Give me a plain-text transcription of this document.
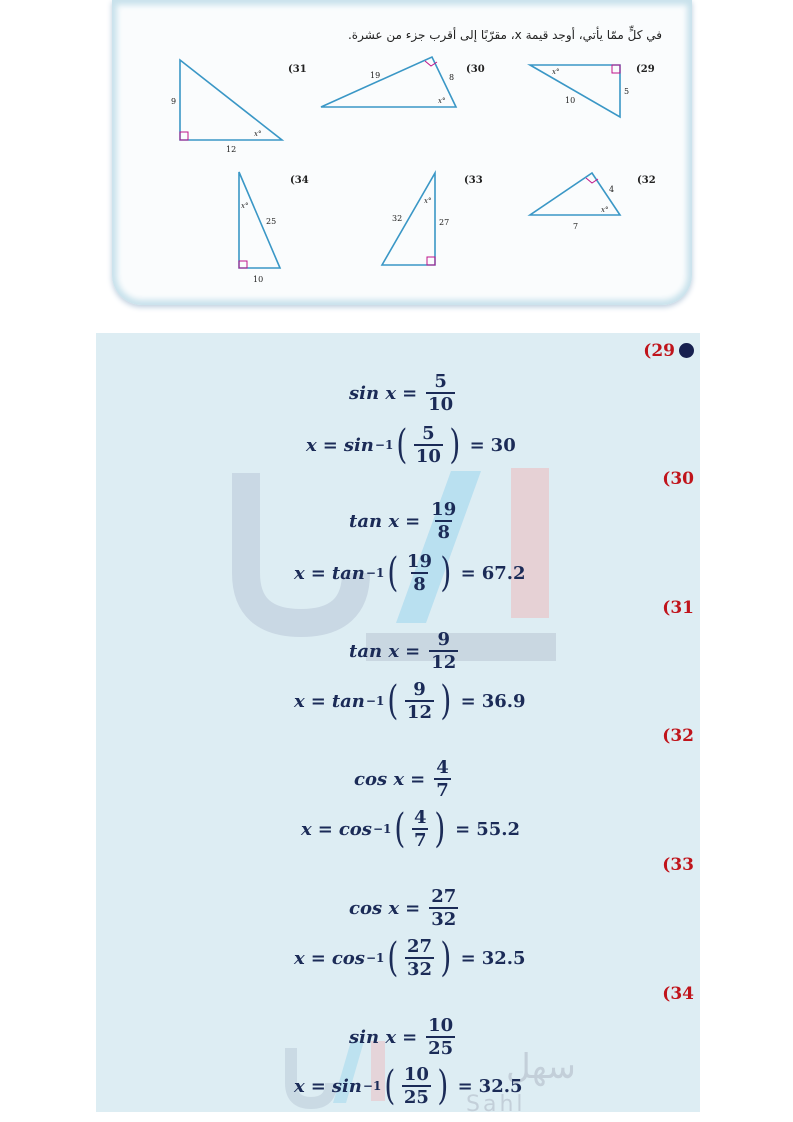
في كلٍّ ممّا يأتي، أوجد قيمة x، مقرّبًا إلى أقرب جزء من عشرة.
(31
9
12
x°
(30
19	8
x°
(29
10
5
x°
(34
25
10
x°
(33
32	27
x°
(32
4
7
x°
سهل
Sahl
(29
$\sin x = \frac{5}{10}$
x = sin −1 ( $\frac{5}{10}$ ) = 30
(30
$\tan x = \frac{19}{8}$
x = tan −1 ( $\frac{19}{8}$ ) = 67.2
(31
$\tan x = \frac{9}{12}$
x = tan −1 ( $\frac{9}{12}$ ) = 36.9
(32
$\cos x = \frac{4}{7}$
x = cos −1 ( $\frac{4}{7}$ ) = 55.2
(33
$\cos x = \frac{27}{32}$
x = cos −1 ( $\frac{27}{32}$ ) = 32.5
(34
$\sin x = \frac{10}{25}$
x = sin −1 ( $\frac{10}{25}$ ) = 32.5
